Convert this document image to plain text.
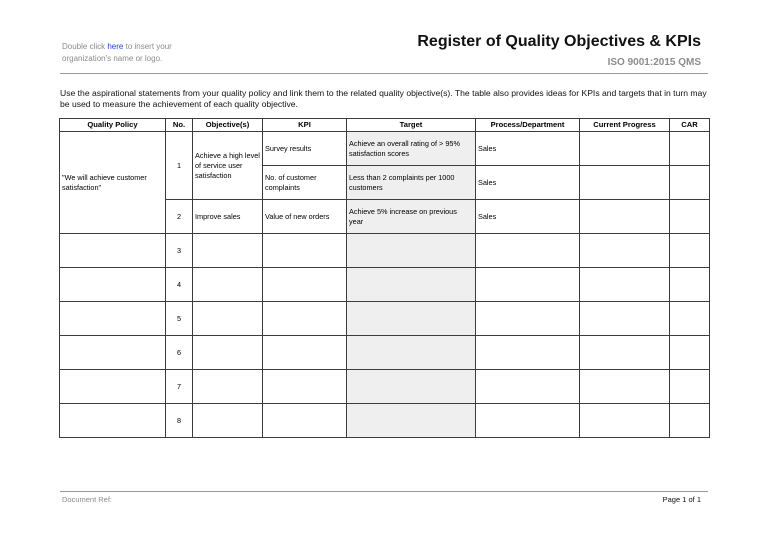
Double click here to insert your organization's name or logo.
Register of Quality Objectives & KPIs
ISO 9001:2015 QMS
Use the aspirational statements from your quality policy and link them to the related quality objective(s). The table also provides ideas for KPIs and targets that in turn may be used to measure the achievement of each quality objective.
Quality Policy	No.	Objective(s)	KPI	Target	Process/Department	Current Progress	CAR
"We will achieve customer satisfaction"	1	Achieve a high level of service user satisfaction	Survey results	Achieve an overall rating of > 95% satisfaction scores	Sales		
			No. of customer complaints	Less than 2 complaints per 1000 customers	Sales		
	2	Improve sales	Value of new orders	Achieve 5% increase on previous year	Sales		
	3						
	4						
	5						
	6						
	7						
	8						
Document Ref:	Page 1 of 1
